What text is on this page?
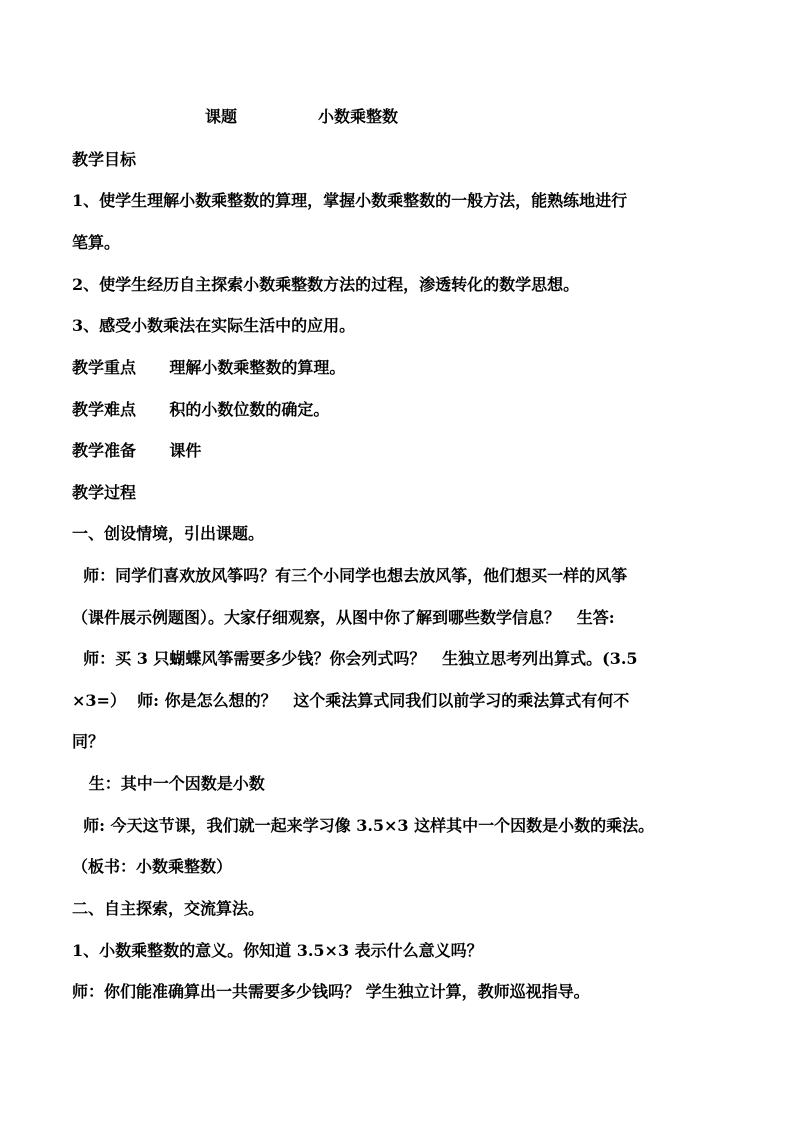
课题	小数乘整数
教学目标
1、使学生理解小数乘整数的算理，掌握小数乘整数的一般方法，能熟练地进行
笔算。
2、使学生经历自主探索小数乘整数方法的过程，渗透转化的数学思想。
3、感受小数乘法在实际生活中的应用。
教学重点      理解小数乘整数的算理。
教学难点      积的小数位数的确定。
教学准备      课件
教学过程
一、创设情境，引出课题。
师：同学们喜欢放风筝吗？有三个小同学也想去放风筝，他们想买一样的风筝
（课件展示例题图）。大家仔细观察，从图中你了解到哪些数学信息？   生答:
师：买 3 只蝴蝶风筝需要多少钱？你会列式吗？   生独立思考列出算式。(3.5
×3=）  师: 你是怎么想的？   这个乘法算式同我们以前学习的乘法算式有何不
同？
生：其中一个因数是小数
师: 今天这节课，我们就一起来学习像 3.5×3 这样其中一个因数是小数的乘法。
（板书：小数乘整数）
二、自主探索，交流算法。
1、小数乘整数的意义。你知道 3.5×3 表示什么意义吗？
师：你们能准确算出一共需要多少钱吗？ 学生独立计算，教师巡视指导。
